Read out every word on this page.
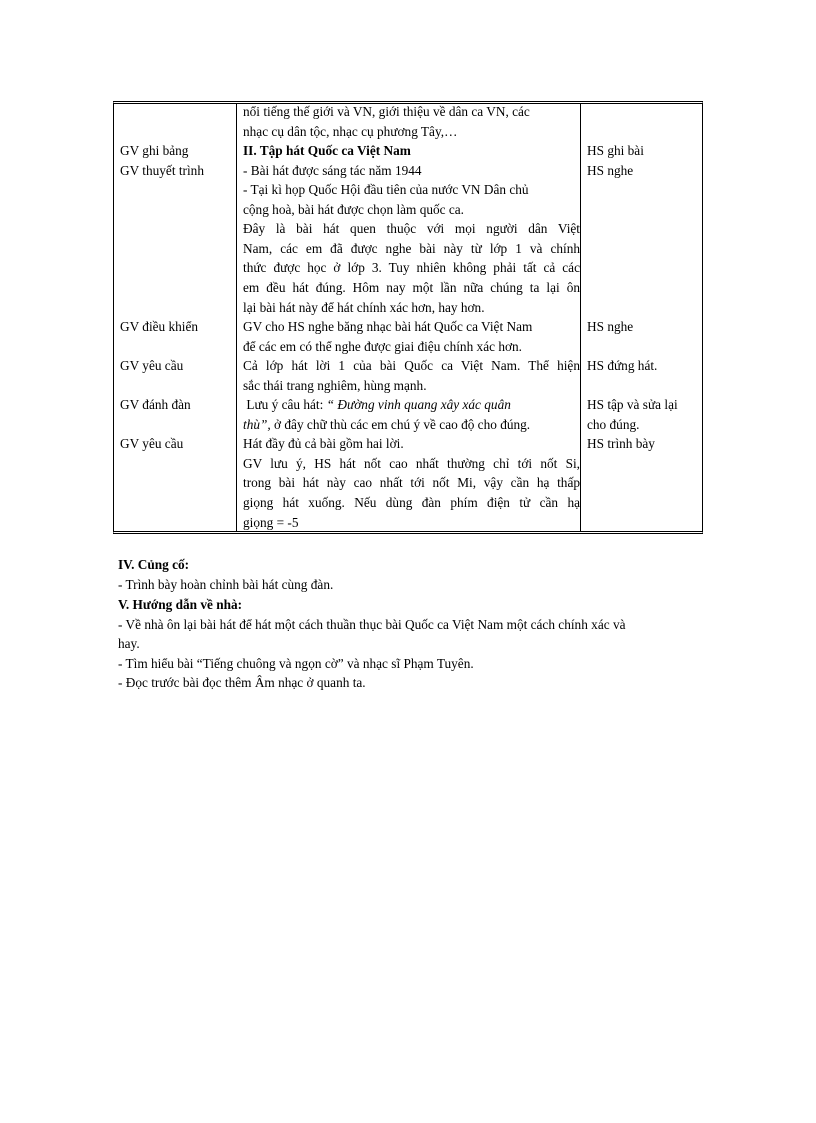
GV ghi bảng
GV thuyết trình
GV điều khiển
GV yêu cầu
GV đánh đàn
GV yêu cầu
nổi tiếng thế giới và VN, giới thiệu về dân ca VN, các
nhạc cụ dân tộc, nhạc cụ phương Tây,…
II. Tập hát Quốc ca Việt Nam
- Bài hát được sáng tác năm 1944
- Tại kì họp Quốc Hội đầu tiên của nước VN Dân chủ
cộng hoà, bài hát được chọn làm quốc ca.
Đây là bài hát quen thuộc với mọi người dân Việt
Nam, các em đã được nghe bài này từ lớp 1 và chính
thức được học ở lớp 3. Tuy nhiên không phải tất cả các
em đều hát đúng. Hôm nay một lần nữa chúng ta lại ôn
lại bài hát này để hát chính xác hơn, hay hơn.
GV cho HS nghe băng nhạc bài hát Quốc ca Việt Nam
để các em có thể nghe được giai điệu chính xác hơn.
Cả lớp hát lời 1 của bài Quốc ca Việt Nam. Thể hiện
sắc thái trang nghiêm, hùng mạnh.
Lưu ý câu hát: “ Đường vinh quang xây xác quân
thù”, ở đây chữ thù các em chú ý về cao độ cho đúng.
Hát đầy đủ cả bài gồm hai lời.
GV lưu ý, HS hát nốt cao nhất thường chỉ tới nốt Si,
trong bài hát này cao nhất tới nốt Mi, vậy cần hạ thấp
giọng hát xuống. Nếu dùng đàn phím điện tử cần hạ
giọng = -5
HS ghi bài
HS nghe
HS nghe
HS đứng hát.
HS tập và sửa lại
cho đúng.
HS trình bày
IV. Củng cố:
- Trình bày hoàn chỉnh bài hát cùng đàn.
V. Hướng dẫn về nhà:
- Về nhà ôn lại bài hát để hát một cách thuần thục bài Quốc ca Việt Nam một cách chính xác và
hay.
- Tìm hiểu bài “Tiếng chuông và ngọn cờ” và nhạc sĩ Phạm Tuyên.
- Đọc trước bài đọc thêm Âm nhạc ở quanh ta.
